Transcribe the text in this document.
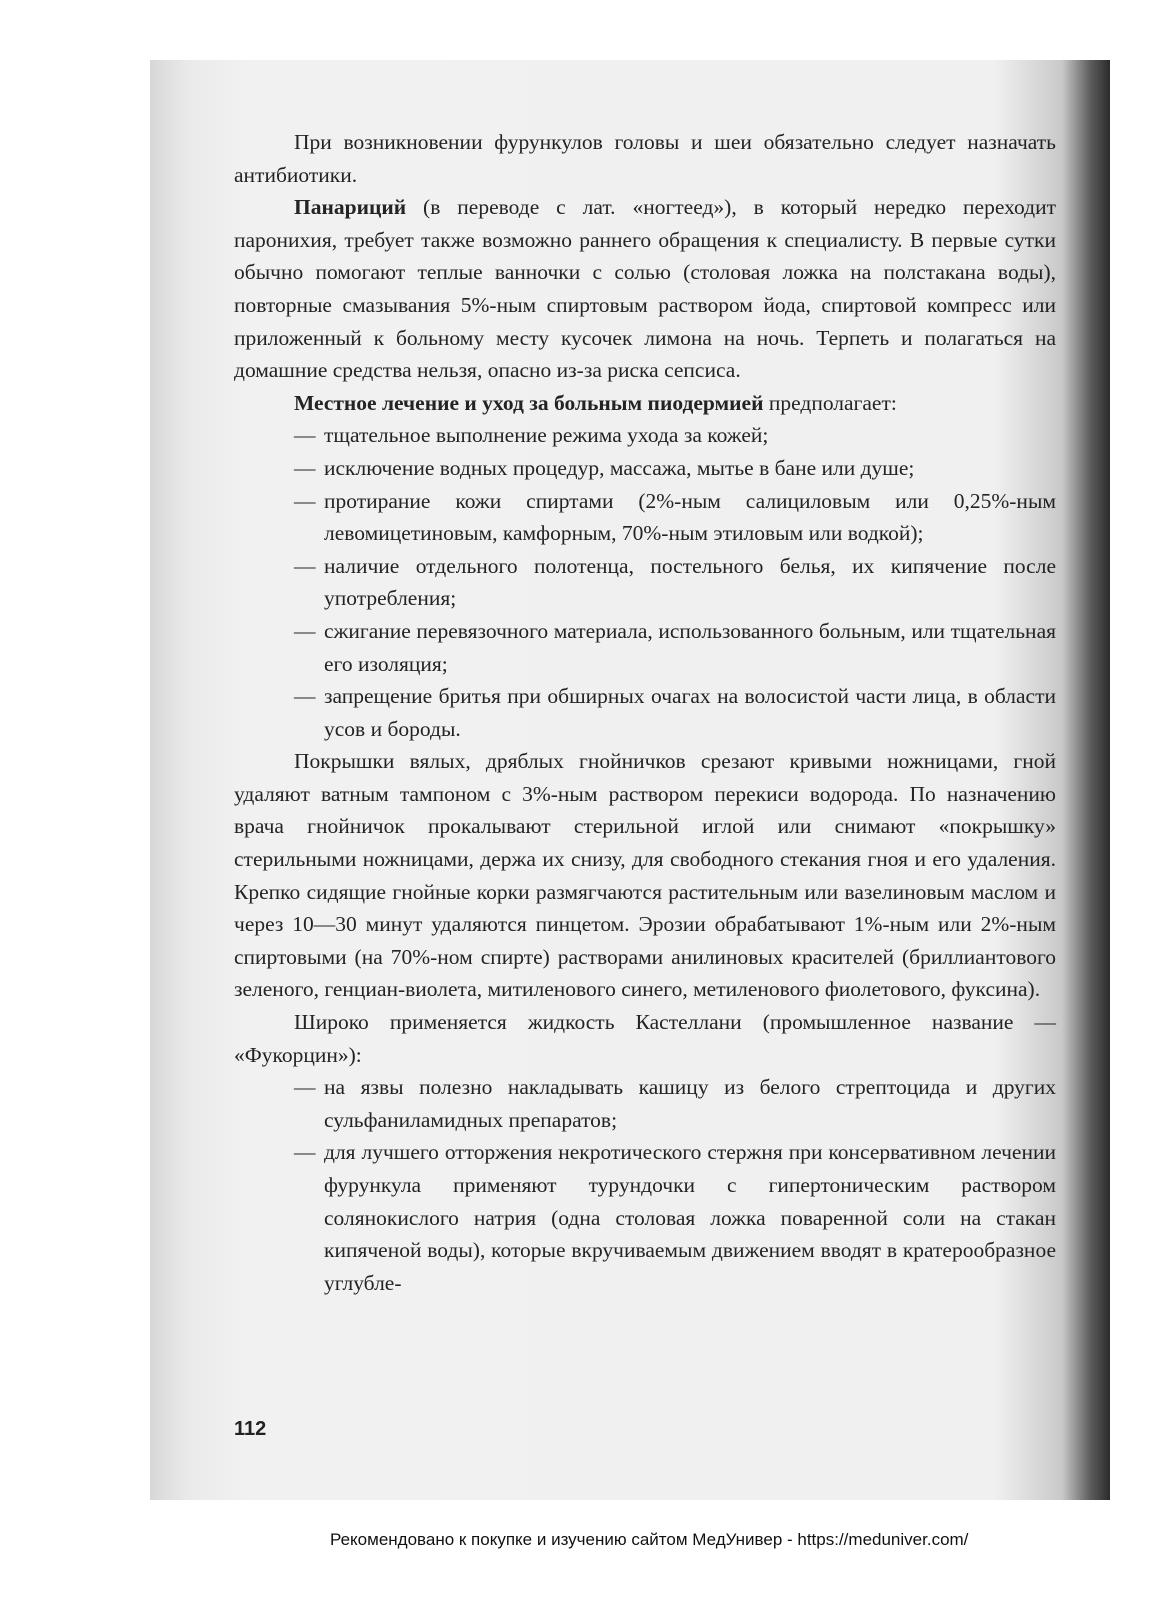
При возникновении фурункулов головы и шеи обязательно следует назначать антибиотики.

Панариций (в переводе с лат. «ногтеед»), в который нередко переходит паронихия, требует также возможно раннего обращения к специалисту. В первые сутки обычно помогают теплые ванночки с солью (столовая ложка на полстакана воды), повторные смазывания 5%-ным спиртовым раствором йода, спиртовой компресс или приложенный к больному месту кусочек лимона на ночь. Терпеть и полагаться на домашние средства нельзя, опасно из-за риска сепсиса.

Местное лечение и уход за больным пиодермией предполагает:

— тщательное выполнение режима ухода за кожей;
— исключение водных процедур, массажа, мытье в бане или душе;
— протирание кожи спиртами (2%-ным салициловым или 0,25%-ным левомицетиновым, камфорным, 70%-ным этиловым или водкой);
— наличие отдельного полотенца, постельного белья, их кипячение после употребления;
— сжигание перевязочного материала, использованного больным, или тщательная его изоляция;
— запрещение бритья при обширных очагах на волосистой части лица, в области усов и бороды.

Покрышки вялых, дряблых гнойничков срезают кривыми ножницами, гной удаляют ватным тампоном с 3%-ным раствором перекиси водорода. По назначению врача гнойничок прокалывают стерильной иглой или снимают «покрышку» стерильными ножницами, держа их снизу, для свободного стекания гноя и его удаления. Крепко сидящие гнойные корки размягчаются растительным или вазелиновым маслом и через 10—30 минут удаляются пинцетом. Эрозии обрабатывают 1%-ным или 2%-ным спиртовыми (на 70%-ном спирте) растворами анилиновых красителей (бриллиантового зеленого, генциан-виолета, митиленового синего, метиленового фиолетового, фуксина).

Широко применяется жидкость Кастеллани (промышленное название — «Фукорцин»):

— на язвы полезно накладывать кашицу из белого стрептоцида и других сульфаниламидных препаратов;
— для лучшего отторжения некротического стержня при консервативном лечении фурункула применяют турундочки с гипертоническим раствором солянокислого натрия (одна столовая ложка поваренной соли на стакан кипяченой воды), которые вкручиваемым движением вводят в кратерообразное углубле-
112
Рекомендовано к покупке и изучению сайтом МедУнивер - https://meduniver.com/
